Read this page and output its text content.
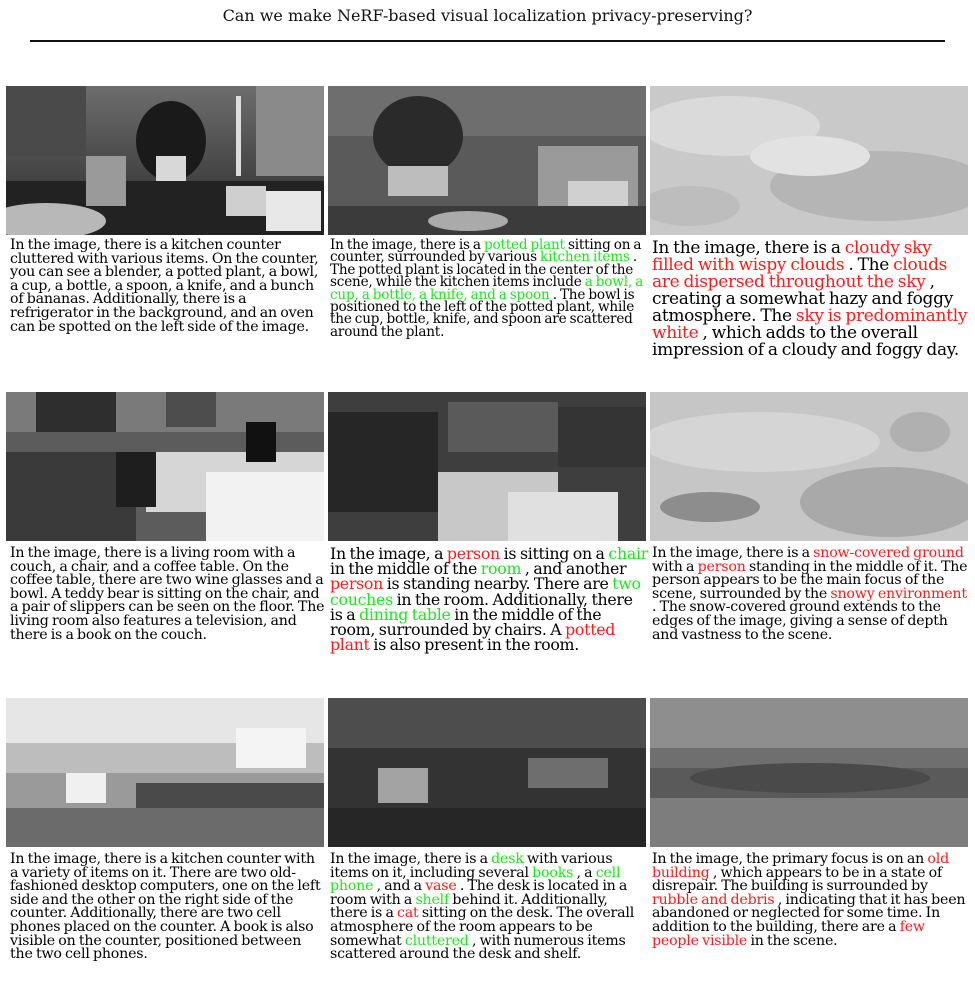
Can we make NeRF-based visual localization privacy-preserving?

In the image, there is a kitchen counter cluttered with various items. On the counter, you can see a blender, a potted plant, a bowl, a cup, a bottle, a spoon, a knife, and a bunch of bananas. Additionally, there is a refrigerator in the background, and an oven can be spotted on the left side of the image.

In the image, there is a potted plant sitting on a counter, surrounded by various kitchen items . The potted plant is located in the center of the scene, while the kitchen items include a bowl, a cup, a bottle, a knife, and a spoon . The bowl is positioned to the left of the potted plant, while the cup, bottle, knife, and spoon are scattered around the plant.

In the image, there is a cloudy sky filled with wispy clouds . The clouds are dispersed throughout the sky , creating a somewhat hazy and foggy atmosphere. The sky is predominantly white , which adds to the overall impression of a cloudy and foggy day.

In the image, there is a living room with a couch, a chair, and a coffee table. On the coffee table, there are two wine glasses and a bowl. A teddy bear is sitting on the chair, and a pair of slippers can be seen on the floor. The living room also features a television, and there is a book on the couch.

In the image, a person is sitting on a chair in the middle of the room , and another person is standing nearby. There are two couches in the room. Additionally, there is a dining table in the middle of the room, surrounded by chairs. A potted plant is also present in the room.

In the image, there is a snow-covered ground with a person standing in the middle of it. The person appears to be the main focus of the scene, surrounded by the snowy environment . The snow-covered ground extends to the edges of the image, giving a sense of depth and vastness to the scene.

In the image, there is a kitchen counter with a variety of items on it. There are two old-fashioned desktop computers, one on the left side and the other on the right side of the counter. Additionally, there are two cell phones placed on the counter. A book is also visible on the counter, positioned between the two cell phones.

In the image, there is a desk with various items on it, including several books , a cell phone , and a vase . The desk is located in a room with a shelf behind it. Additionally, there is a cat sitting on the desk. The overall atmosphere of the room appears to be somewhat cluttered , with numerous items scattered around the desk and shelf.

In the image, the primary focus is on an old building , which appears to be in a state of disrepair. The building is surrounded by rubble and debris , indicating that it has been abandoned or neglected for some time. In addition to the building, there are a few people visible in the scene.
